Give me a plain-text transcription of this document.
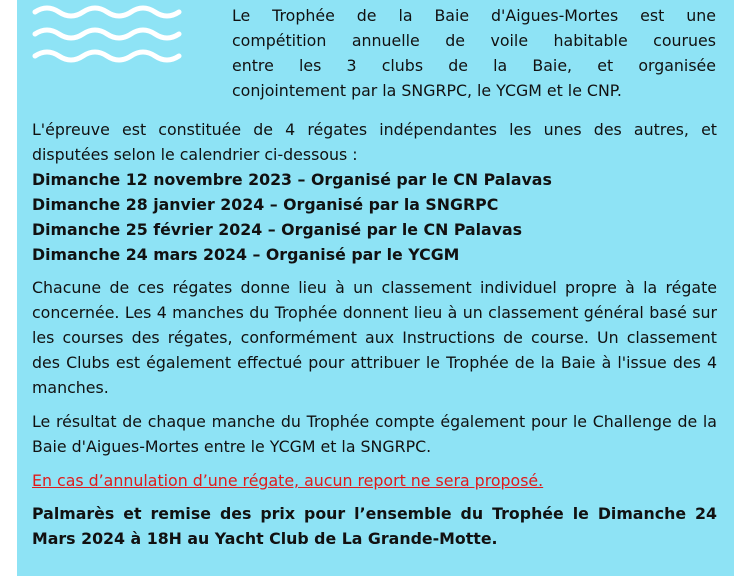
Le Trophée de la Baie d'Aigues-Mortes est une
compétition annuelle de voile habitable courues
entre les 3 clubs de la Baie, et organisée
conjointement par la SNGRPC, le YCGM et le CNP.

L'épreuve est constituée de 4 régates indépendantes les unes des autres, et disputées selon le calendrier ci-dessous :

Dimanche 12 novembre 2023 – Organisé par le CN Palavas
Dimanche 28 janvier 2024 – Organisé par la SNGRPC
Dimanche 25 février 2024 – Organisé par le CN Palavas
Dimanche 24 mars 2024 – Organisé par le YCGM

Chacune de ces régates donne lieu à un classement individuel propre à la régate concernée. Les 4 manches du Trophée donnent lieu à un classement général basé sur les courses des régates, conformément aux Instructions de course. Un classement des Clubs est également effectué pour attribuer le Trophée de la Baie à l'issue des 4 manches.

Le résultat de chaque manche du Trophée compte également pour le Challenge de la Baie d'Aigues-Mortes entre le YCGM et la SNGRPC.

En cas d’annulation d’une régate, aucun report ne sera proposé.

Palmarès et remise des prix pour l’ensemble du Trophée le Dimanche 24 Mars 2024 à 18H au Yacht Club de La Grande-Motte.
